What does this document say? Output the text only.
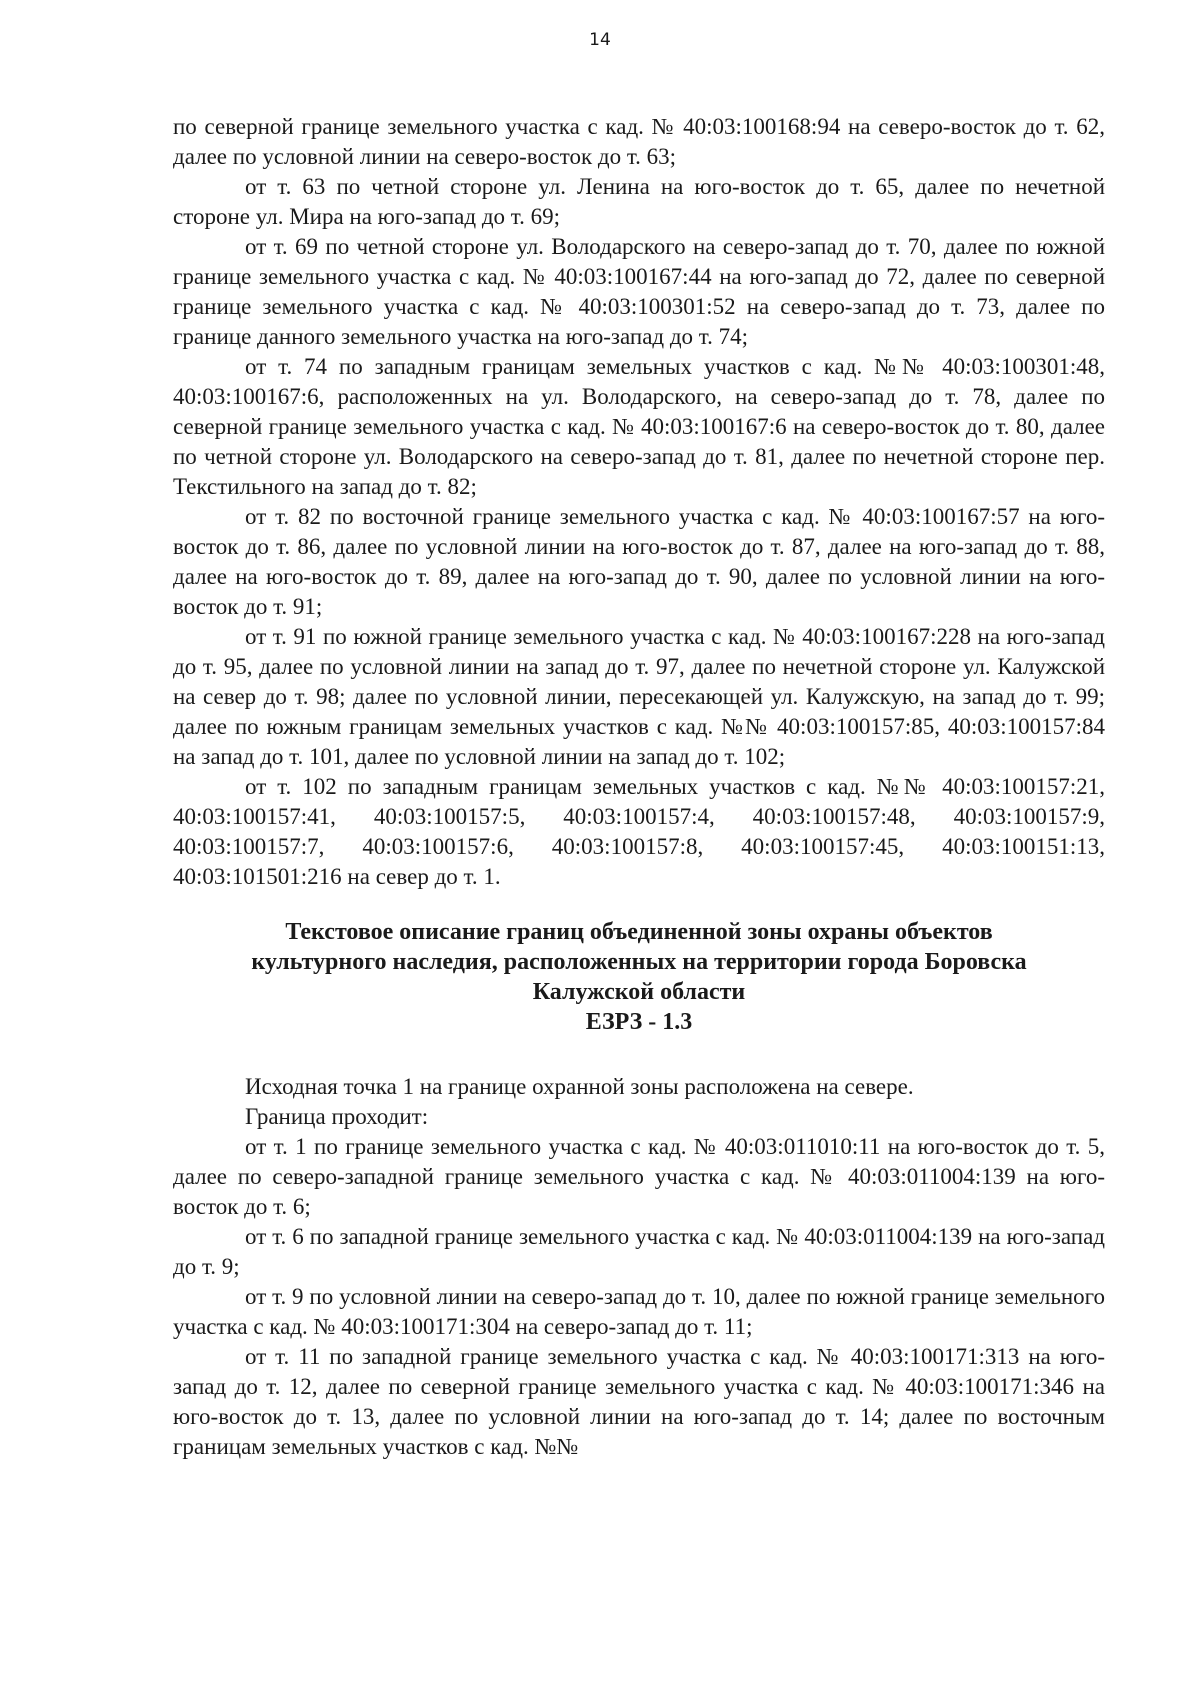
14

по северной границе земельного участка с кад. № 40:03:100168:94 на северо-восток до т. 62, далее по условной линии на северо-восток до т. 63;

от т. 63 по четной стороне ул. Ленина на юго-восток до т. 65, далее по нечетной стороне ул. Мира на юго-запад до т. 69;

от т. 69 по четной стороне ул. Володарского на северо-запад до т. 70, далее по южной границе земельного участка с кад. № 40:03:100167:44 на юго-запад до 72, далее по северной границе земельного участка с кад. № 40:03:100301:52 на северо-запад до т. 73, далее по границе данного земельного участка на юго-запад до т. 74;

от т. 74 по западным границам земельных участков с кад. №№ 40:03:100301:48, 40:03:100167:6, расположенных на ул. Володарского, на северо-запад до т. 78, далее по северной границе земельного участка с кад. № 40:03:100167:6 на северо-восток до т. 80, далее по четной стороне ул. Володарского на северо-запад до т. 81, далее по нечетной стороне пер. Текстильного на запад до т. 82;

от т. 82 по восточной границе земельного участка с кад. № 40:03:100167:57 на юго-восток до т. 86, далее по условной линии на юго-восток до т. 87, далее на юго-запад до т. 88, далее на юго-восток до т. 89, далее на юго-запад до т. 90, далее по условной линии на юго-восток до т. 91;

от т. 91 по южной границе земельного участка с кад. № 40:03:100167:228 на юго-запад до т. 95, далее по условной линии на запад до т. 97, далее по нечетной стороне ул. Калужской на север до т. 98; далее по условной линии, пересекающей ул. Калужскую, на запад до т. 99; далее по южным границам земельных участков с кад. №№ 40:03:100157:85, 40:03:100157:84 на запад до т. 101, далее по условной линии на запад до т. 102;

от т. 102 по западным границам земельных участков с кад. №№ 40:03:100157:21, 40:03:100157:41, 40:03:100157:5, 40:03:100157:4, 40:03:100157:48, 40:03:100157:9, 40:03:100157:7, 40:03:100157:6, 40:03:100157:8, 40:03:100157:45, 40:03:100151:13, 40:03:101501:216 на север до т. 1.

Текстовое описание границ объединенной зоны охраны объектов
культурного наследия, расположенных на территории города Боровска
Калужской области
ЕЗРЗ - 1.3

Исходная точка 1 на границе охранной зоны расположена на севере.

Граница проходит:

от т. 1 по границе земельного участка с кад. № 40:03:011010:11 на юго-восток до т. 5, далее по северо-западной границе земельного участка с кад. № 40:03:011004:139 на юго-восток до т. 6;

от т. 6 по западной границе земельного участка с кад. № 40:03:011004:139 на юго-запад до т. 9;

от т. 9 по условной линии на северо-запад до т. 10, далее по южной границе земельного участка с кад. № 40:03:100171:304 на северо-запад до т. 11;

от т. 11 по западной границе земельного участка с кад. № 40:03:100171:313 на юго-запад до т. 12, далее по северной границе земельного участка с кад. № 40:03:100171:346 на юго-восток до т. 13, далее по условной линии на юго-запад до т. 14; далее по восточным границам земельных участков с кад. №№
